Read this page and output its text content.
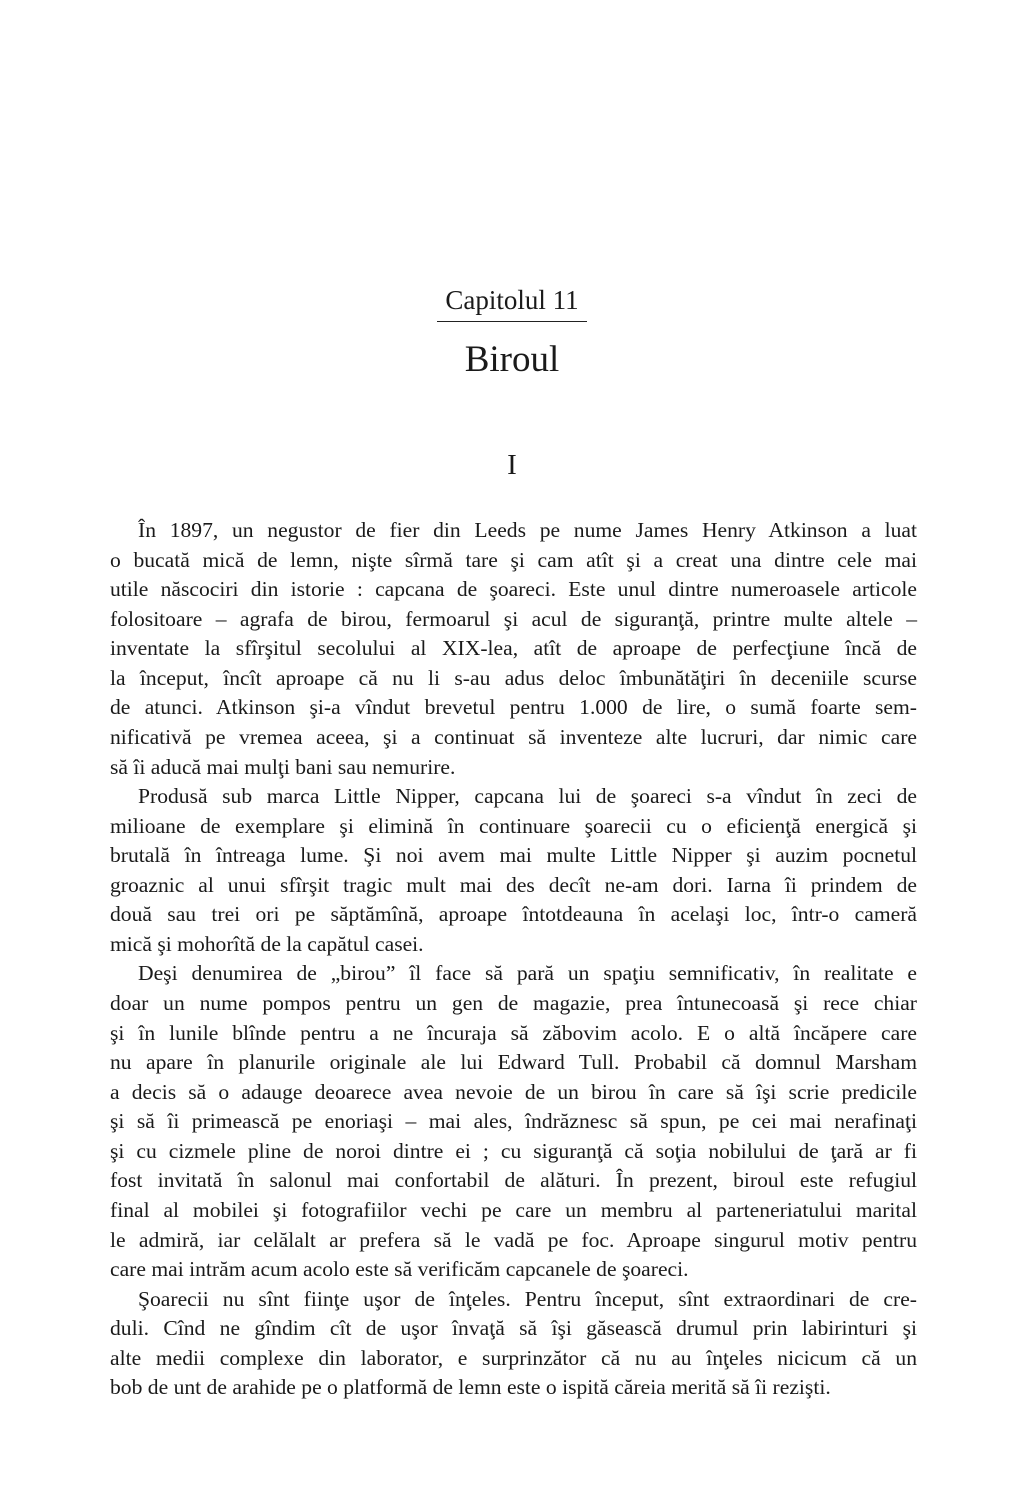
Capitolul 11
Biroul
I
În 1897, un negustor de fier din Leeds pe nume James Henry Atkinson a luat
o bucată mică de lemn, nişte sîrmă tare şi cam atît şi a creat una dintre cele mai
utile născociri din istorie : capcana de şoareci. Este unul dintre numeroasele articole
folositoare – agrafa de birou, fermoarul şi acul de siguranţă, printre multe altele –
inventate la sfîrşitul secolului al XIX-lea, atît de aproape de perfecţiune încă de
la început, încît aproape că nu li s-au adus deloc îmbunătăţiri în deceniile scurse
de atunci. Atkinson şi-a vîndut brevetul pentru 1.000 de lire, o sumă foarte sem-
nificativă pe vremea aceea, şi a continuat să inventeze alte lucruri, dar nimic care
să îi aducă mai mulţi bani sau nemurire.
Produsă sub marca Little Nipper, capcana lui de şoareci s-a vîndut în zeci de
milioane de exemplare şi elimină în continuare şoarecii cu o eficienţă energică şi
brutală în întreaga lume. Şi noi avem mai multe Little Nipper şi auzim pocnetul
groaznic al unui sfîrşit tragic mult mai des decît ne-am dori. Iarna îi prindem de
două sau trei ori pe săptămînă, aproape întotdeauna în acelaşi loc, într-o cameră
mică şi mohorîtă de la capătul casei.
Deşi denumirea de „birou” îl face să pară un spaţiu semnificativ, în realitate e
doar un nume pompos pentru un gen de magazie, prea întunecoasă şi rece chiar
şi în lunile blînde pentru a ne încuraja să zăbovim acolo. E o altă încăpere care
nu apare în planurile originale ale lui Edward Tull. Probabil că domnul Marsham
a decis să o adauge deoarece avea nevoie de un birou în care să îşi scrie predicile
şi să îi primească pe enoriaşi – mai ales, îndrăznesc să spun, pe cei mai nerafinaţi
şi cu cizmele pline de noroi dintre ei ; cu siguranţă că soţia nobilului de ţară ar fi
fost invitată în salonul mai confortabil de alături. În prezent, biroul este refugiul
final al mobilei şi fotografiilor vechi pe care un membru al parteneriatului marital
le admiră, iar celălalt ar prefera să le vadă pe foc. Aproape singurul motiv pentru
care mai intrăm acum acolo este să verificăm capcanele de şoareci.
Şoarecii nu sînt fiinţe uşor de înţeles. Pentru început, sînt extraordinari de cre-
duli. Cînd ne gîndim cît de uşor învaţă să îşi găsească drumul prin labirinturi şi
alte medii complexe din laborator, e surprinzător că nu au înţeles nicicum că un
bob de unt de arahide pe o platformă de lemn este o ispită căreia merită să îi rezişti.
